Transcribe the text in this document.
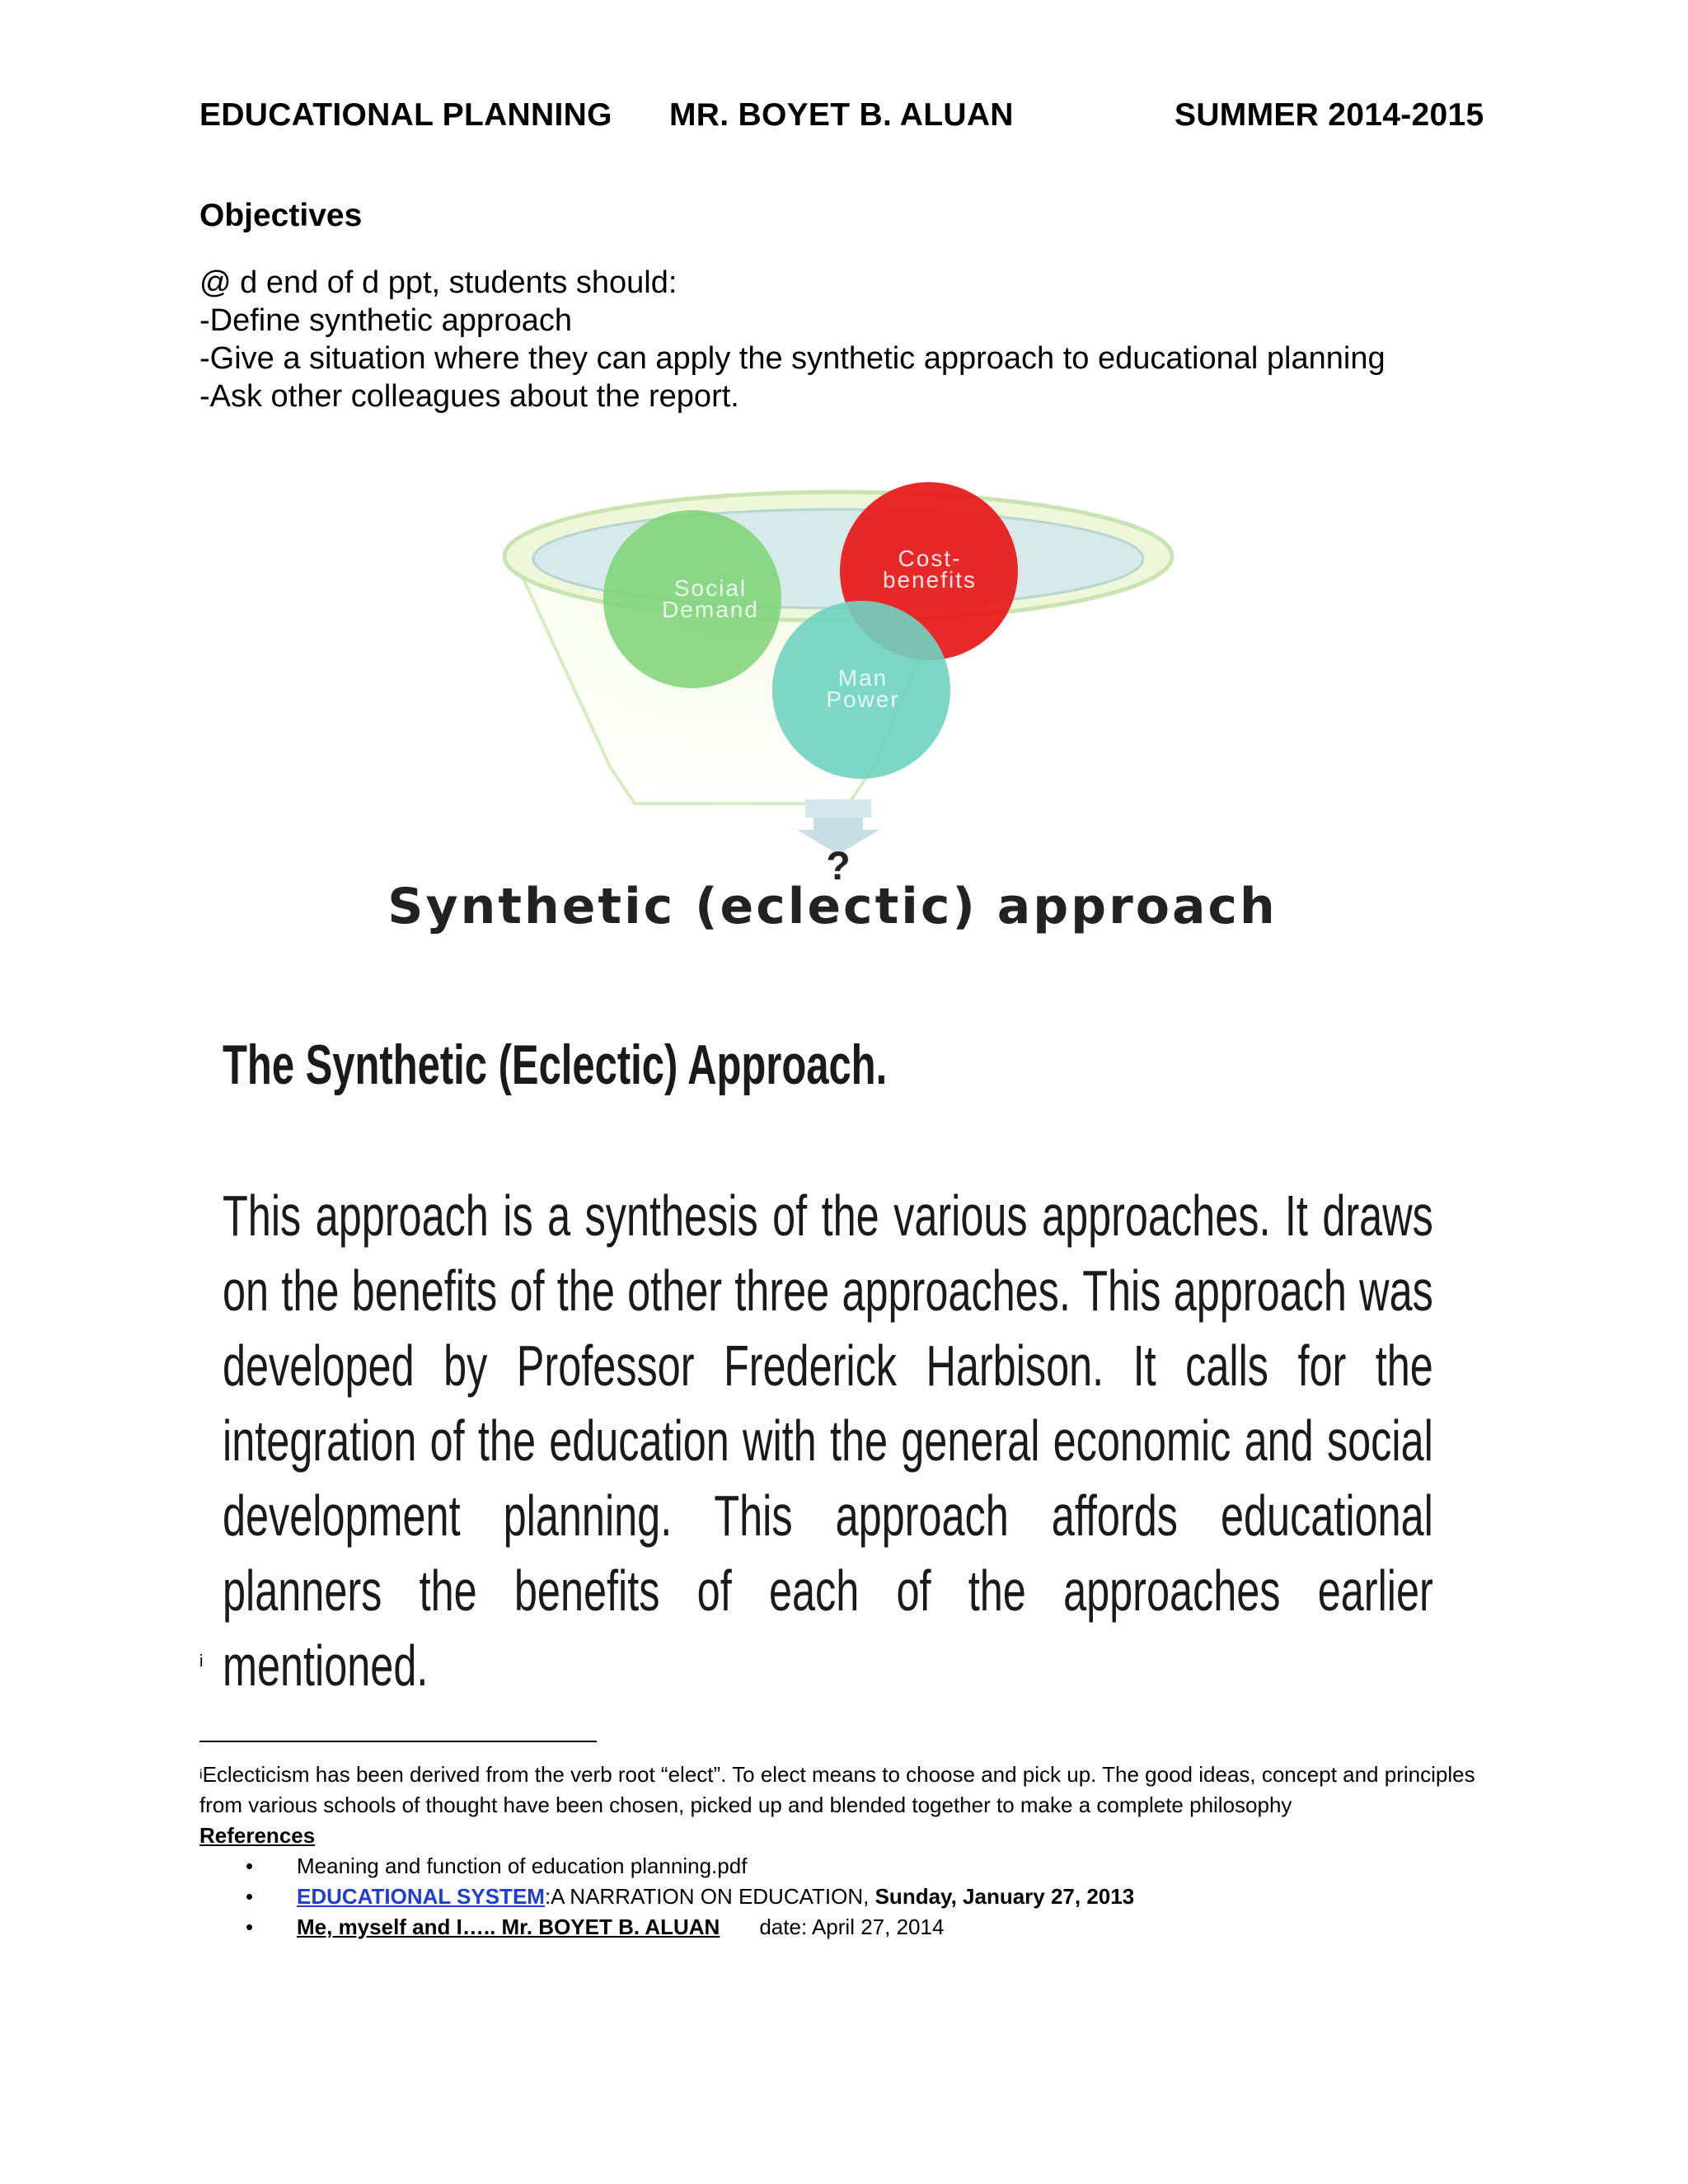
EDUCATIONAL PLANNING MR. BOYET B. ALUAN	SUMMER 2014-2015
Objectives
@ d end of d ppt, students should:
-Define synthetic approach
-Give a situation where they can apply the synthetic approach to educational planning
-Ask other colleagues about the report.
Social
Demand
Cost-
benefits
Man
Power
?
Synthetic (eclectic) approach
The Synthetic (Eclectic) Approach.
This approach is a synthesis of the various approaches. It draws on the benefits of the other three approaches. This approach was developed by Professor Frederick Harbison. It calls for the integration of the education with the general economic and social development planning. This approach affords educational planners the benefits of each of the approaches earlier mentioned.
i
$^i$Eclecticism has been derived from the verb root “elect”. To elect means to choose and pick up. The good ideas, concept and principles from various schools of thought have been chosen, picked up and blended together to make a complete philosophy
References
• Meaning and function of education planning.pdf
• EDUCATIONAL SYSTEM:A NARRATION ON EDUCATION, Sunday, January 27, 2013
• Me, myself and I….. Mr. BOYET B. ALUAN date: April 27, 2014
